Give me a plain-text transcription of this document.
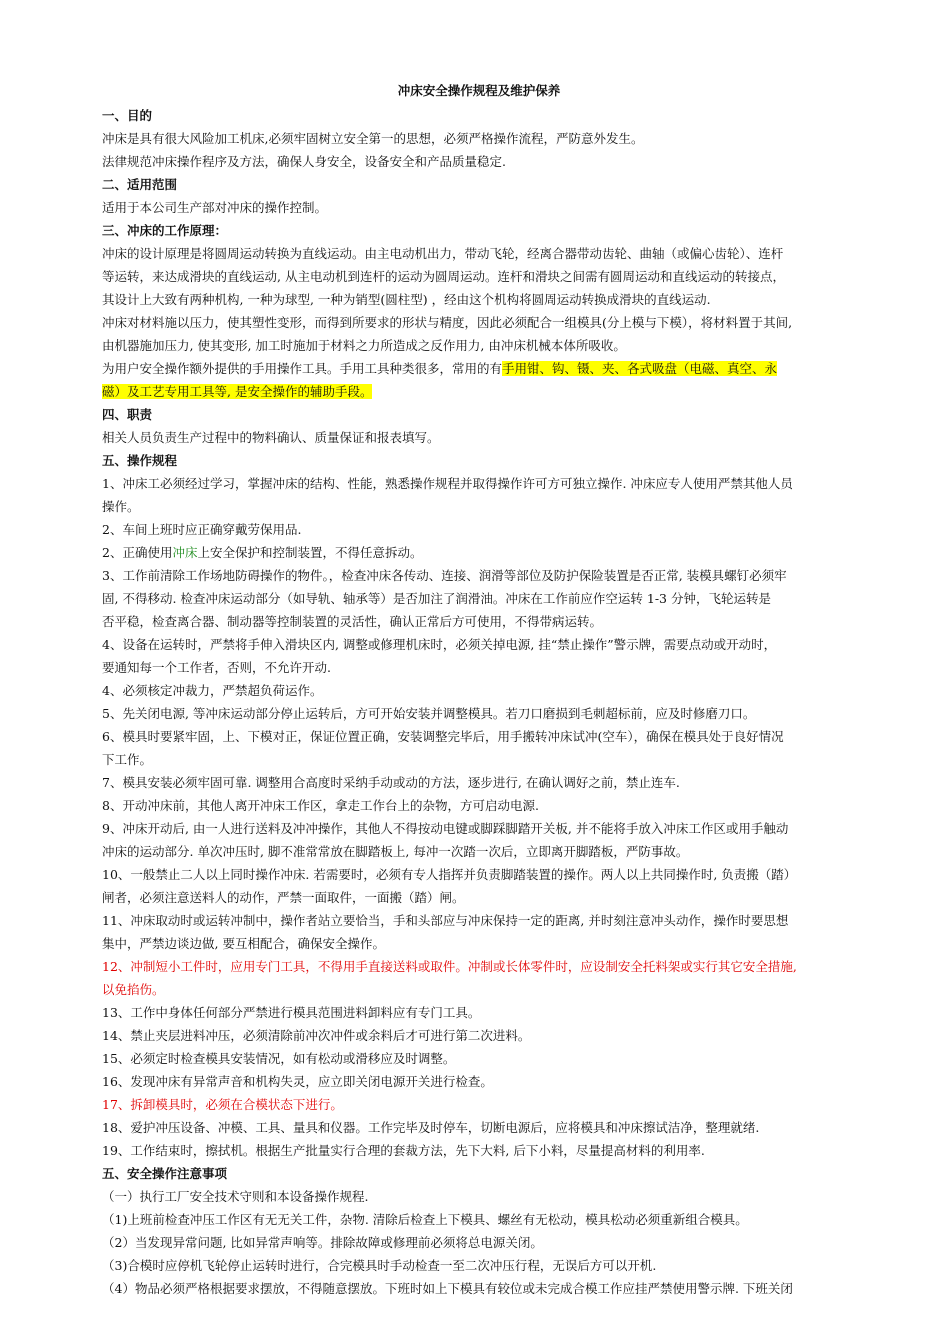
冲床安全操作规程及维护保养
一、目的
冲床是具有很大风险加工机床,必须牢固树立安全第一的思想，必须严格操作流程，严防意外发生。
法律规范冲床操作程序及方法，确保人身安全，设备安全和产品质量稳定.
二、适用范围
适用于本公司生产部对冲床的操作控制。
三、冲床的工作原理：
冲床的设计原理是将圆周运动转换为直线运动。由主电动机出力，带动飞轮，经离合器带动齿轮、曲轴（或偏心齿轮）、连杆
等运转，来达成滑块的直线运动, 从主电动机到连杆的运动为圆周运动。连杆和滑块之间需有圆周运动和直线运动的转接点，
其设计上大致有两种机构, 一种为球型, 一种为销型(圆柱型) ，经由这个机构将圆周运动转换成滑块的直线运动.
冲床对材料施以压力，使其塑性变形，而得到所要求的形状与精度，因此必须配合一组模具(分上模与下模），将材料置于其间,
由机器施加压力, 使其变形, 加工时施加于材料之力所造成之反作用力, 由冲床机械本体所吸收。
为用户安全操作额外提供的手用操作工具。手用工具种类很多，常用的有手用钳、钩、镊、夹、各式吸盘（电磁、真空、永
磁）及工艺专用工具等, 是安全操作的辅助手段。
四、职责
相关人员负责生产过程中的物料确认、质量保证和报表填写。
五、操作规程
1、冲床工必须经过学习，掌握冲床的结构、性能，熟悉操作规程并取得操作许可方可独立操作. 冲床应专人使用严禁其他人员
操作。
2、车间上班时应正确穿戴劳保用品.
2、正确使用冲床上安全保护和控制装置，不得任意拆动。
3、工作前清除工作场地防碍操作的物件。，检查冲床各传动、连接、润滑等部位及防护保险装置是否正常, 装模具螺钉必须牢
固, 不得移动. 检查冲床运动部分（如导轨、轴承等）是否加注了润滑油。冲床在工作前应作空运转 1-3 分钟，飞轮运转是
否平稳，检查离合器、制动器等控制装置的灵活性，确认正常后方可使用，不得带病运转。
4、设备在运转时，严禁将手伸入滑块区内, 调整或修理机床时，必须关掉电源, 挂“禁止操作”警示牌，需要点动或开动时，
要通知每一个工作者，否则，不允许开动.
4、必须核定冲裁力，严禁超负荷运作。
5、先关闭电源, 等冲床运动部分停止运转后，方可开始安装并调整模具。若刀口磨损到毛刺超标前，应及时修磨刀口。
6、模具时要紧牢固，上、下模对正，保证位置正确，安装调整完毕后，用手搬转冲床试冲(空车），确保在模具处于良好情况
下工作。
7、模具安装必须牢固可靠. 调整用合高度时采纳手动或动的方法，逐步进行, 在确认调好之前，禁止连车.
8、开动冲床前，其他人离开冲床工作区，拿走工作台上的杂物，方可启动电源.
9、冲床开动后, 由一人进行送料及冲冲操作，其他人不得按动电键或脚踩脚踏开关板, 并不能将手放入冲床工作区或用手触动
冲床的运动部分. 单次冲压时, 脚不准常常放在脚踏板上, 每冲一次踏一次后，立即离开脚踏板，严防事故。
10、一般禁止二人以上同时操作冲床. 若需要时，必须有专人指挥并负责脚踏装置的操作。两人以上共同操作时, 负责搬（踏）
闸者，必须注意送料人的动作，严禁一面取件，一面搬（踏）闸。
11、冲床取动时或运转冲制中，操作者站立要恰当，手和头部应与冲床保持一定的距离, 并时刻注意冲头动作，操作时要思想
集中，严禁边谈边做, 要互相配合，确保安全操作。
12、冲制短小工件时，应用专门工具，不得用手直接送料或取件。冲制或长体零件时，应设制安全托料架或实行其它安全措施,
以免掐伤。
13、工作中身体任何部分严禁进行模具范围进料卸料应有专门工具。
14、禁止夹层进料冲压，必须清除前冲次冲件或余料后才可进行第二次进料。
15、必须定时检查模具安装情况，如有松动或滑移应及时调整。
16、发现冲床有异常声音和机构失灵，应立即关闭电源开关进行检查。
17、拆卸模具时，必须在合模状态下进行。
18、爱护冲压设备、冲模、工具、量具和仪器。工作完毕及时停车，切断电源后，应将模具和冲床擦试洁净，整理就绪.
19、工作结束时，擦拭机。根据生产批量实行合理的套裁方法，先下大料, 后下小料，尽量提高材料的利用率.
五、安全操作注意事项
（一）执行工厂安全技术守则和本设备操作规程.
（1)上班前检查冲压工作区有无无关工件，杂物. 清除后检查上下模具、螺丝有无松动，模具松动必须重新组合模具。
（2）当发现异常问题, 比如异常声响等。排除故障或修理前必须将总电源关闭。
（3)合模时应停机飞轮停止运转时进行，合完模具时手动检查一至二次冲压行程，无误后方可以开机.
（4）物品必须严格根据要求摆放，不得随意摆放。下班时如上下模具有较位或未完成合模工作应挂严禁使用警示牌. 下班关闭
